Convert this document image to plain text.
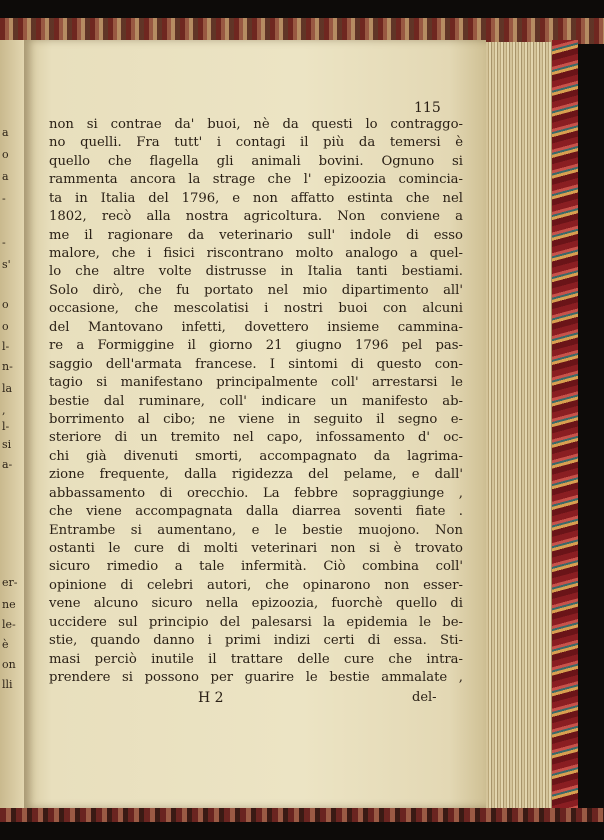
a
o
a
-
-
s'
o
o
l-
n-
la
,
l-
si
a-
er-
ne
le-
è
on
lli
115
non si contrae da' buoi, nè da questi lo contraggo-
no quelli. Fra tutt' i contagi il più da temersi è
quello che flagella gli animali bovini. Ognuno si
rammenta ancora la strage che l' epizoozia comincia-
ta in Italia del 1796, e non affatto estinta che nel
1802, recò alla nostra agricoltura. Non conviene a
me il ragionare da veterinario sull' indole di esso
malore, che i fisici riscontrano molto analogo a quel-
lo che altre volte distrusse in Italia tanti bestiami.
Solo dirò, che fu portato nel mio dipartimento all'
occasione, che mescolatisi i nostri buoi con alcuni
del Mantovano infetti, dovettero insieme cammina-
re a Formiggine il giorno 21 giugno 1796 pel pas-
saggio dell'armata francese. I sintomi di questo con-
tagio si manifestano principalmente coll' arrestarsi le
bestie dal ruminare, coll' indicare un manifesto ab-
borrimento al cibo; ne viene in seguito il segno e-
steriore di un tremito nel capo, infossamento d' oc-
chi già divenuti smorti, accompagnato da lagrima-
zione frequente, dalla rigidezza del pelame, e dall'
abbassamento di orecchio. La febbre sopraggiunge ,
che viene accompagnata dalla diarrea soventi fiate .
Entrambe si aumentano, e le bestie muojono. Non
ostanti le cure di molti veterinari non si è trovato
sicuro rimedio a tale infermità. Ciò combina coll'
opinione di celebri autori, che opinarono non esser-
vene alcuno sicuro nella epizoozia, fuorchè quello di
uccidere sul principio del palesarsi la epidemia le be-
stie, quando danno i primi indizi certi di essa. Sti-
masi perciò inutile il trattare delle cure che intra-
prendere si possono per guarire le bestie ammalate ,
H 2	del-
